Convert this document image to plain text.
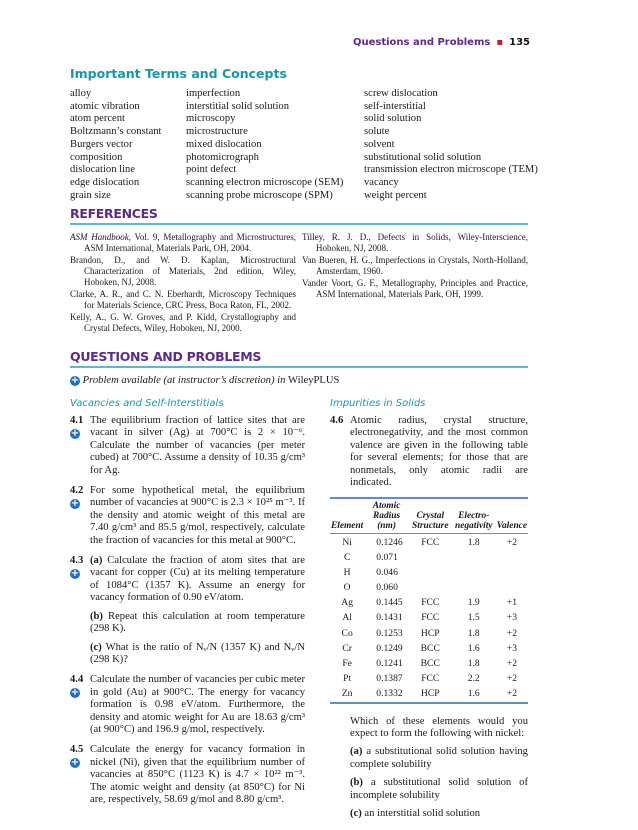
Questions and Problems ▪ 135
Important Terms and Concepts
alloy
atomic vibration
atom percent
Boltzmann’s constant
Burgers vector
composition
dislocation line
edge dislocation
grain size
imperfection
interstitial solid solution
microscopy
microstructure
mixed dislocation
photomicrograph
point defect
scanning electron microscope (SEM)
scanning probe microscope (SPM)
screw dislocation
self-interstitial
solid solution
solute
solvent
substitutional solid solution
transmission electron microscope (TEM)
vacancy
weight percent
REFERENCES
ASM Handbook, Vol. 9, Metallography and Microstructures, ASM International, Materials Park, OH, 2004.
Brandon, D., and W. D. Kaplan, Microstructural Characterization of Materials, 2nd edition, Wiley, Hoboken, NJ, 2008.
Clarke, A. R., and C. N. Eberhardt, Microscopy Techniques for Materials Science, CRC Press, Boca Raton, FL, 2002.
Kelly, A., G. W. Groves, and P. Kidd, Crystallography and Crystal Defects, Wiley, Hoboken, NJ, 2000.
Tilley, R. J. D., Defects in Solids, Wiley-Interscience, Hoboken, NJ, 2008.
Van Bueren, H. G., Imperfections in Crystals, North-Holland, Amsterdam, 1960.
Vander Voort, G. F., Metallography, Principles and Practice, ASM International, Materials Park, OH, 1999.
QUESTIONS AND PROBLEMS
+ Problem available (at instructor’s discretion) in WileyPLUS
Vacancies and Self-Interstitials
4.1
+
The equilibrium fraction of lattice sites that are vacant in silver (Ag) at 700°C is 2 × 10⁻⁶. Calculate the number of vacancies (per meter cubed) at 700°C. Assume a density of 10.35 g/cm³ for Ag.
4.2
+
For some hypothetical metal, the equilibrium number of vacancies at 900°C is 2.3 × 10²⁵ m⁻³. If the density and atomic weight of this metal are 7.40 g/cm³ and 85.5 g/mol, respectively, calculate the fraction of vacancies for this metal at 900°C.
4.3
+
(a) Calculate the fraction of atom sites that are vacant for copper (Cu) at its melting temperature of 1084°C (1357 K). Assume an energy for vacancy formation of 0.90 eV/atom.
(b) Repeat this calculation at room temperature (298 K).
(c) What is the ratio of Nᵥ/N (1357 K) and Nᵥ/N (298 K)?
4.4
+
Calculate the number of vacancies per cubic meter in gold (Au) at 900°C. The energy for vacancy formation is 0.98 eV/atom. Furthermore, the density and atomic weight for Au are 18.63 g/cm³ (at 900°C) and 196.9 g/mol, respectively.
4.5
+
Calculate the energy for vacancy formation in nickel (Ni), given that the equilibrium number of vacancies at 850°C (1123 K) is 4.7 × 10²² m⁻³. The atomic weight and density (at 850°C) for Ni are, respectively, 58.69 g/mol and 8.80 g/cm³.
Impurities in Solids
4.6 Atomic radius, crystal structure, electronegativity, and the most common valence are given in the following table for several elements; for those that are nonmetals, only atomic radii are indicated.
Element	Atomic Radius (nm)	Crystal Structure	Electro-negativity	Valence
Ni	0.1246	FCC	1.8	+2
C	0.071			
H	0.046			
O	0.060			
Ag	0.1445	FCC	1.9	+1
Al	0.1431	FCC	1.5	+3
Co	0.1253	HCP	1.8	+2
Cr	0.1249	BCC	1.6	+3
Fe	0.1241	BCC	1.8	+2
Pt	0.1387	FCC	2.2	+2
Zn	0.1332	HCP	1.6	+2
Which of these elements would you expect to form the following with nickel:
(a) a substitutional solid solution having complete solubility
(b) a substitutional solid solution of incomplete solubility
(c) an interstitial solid solution
